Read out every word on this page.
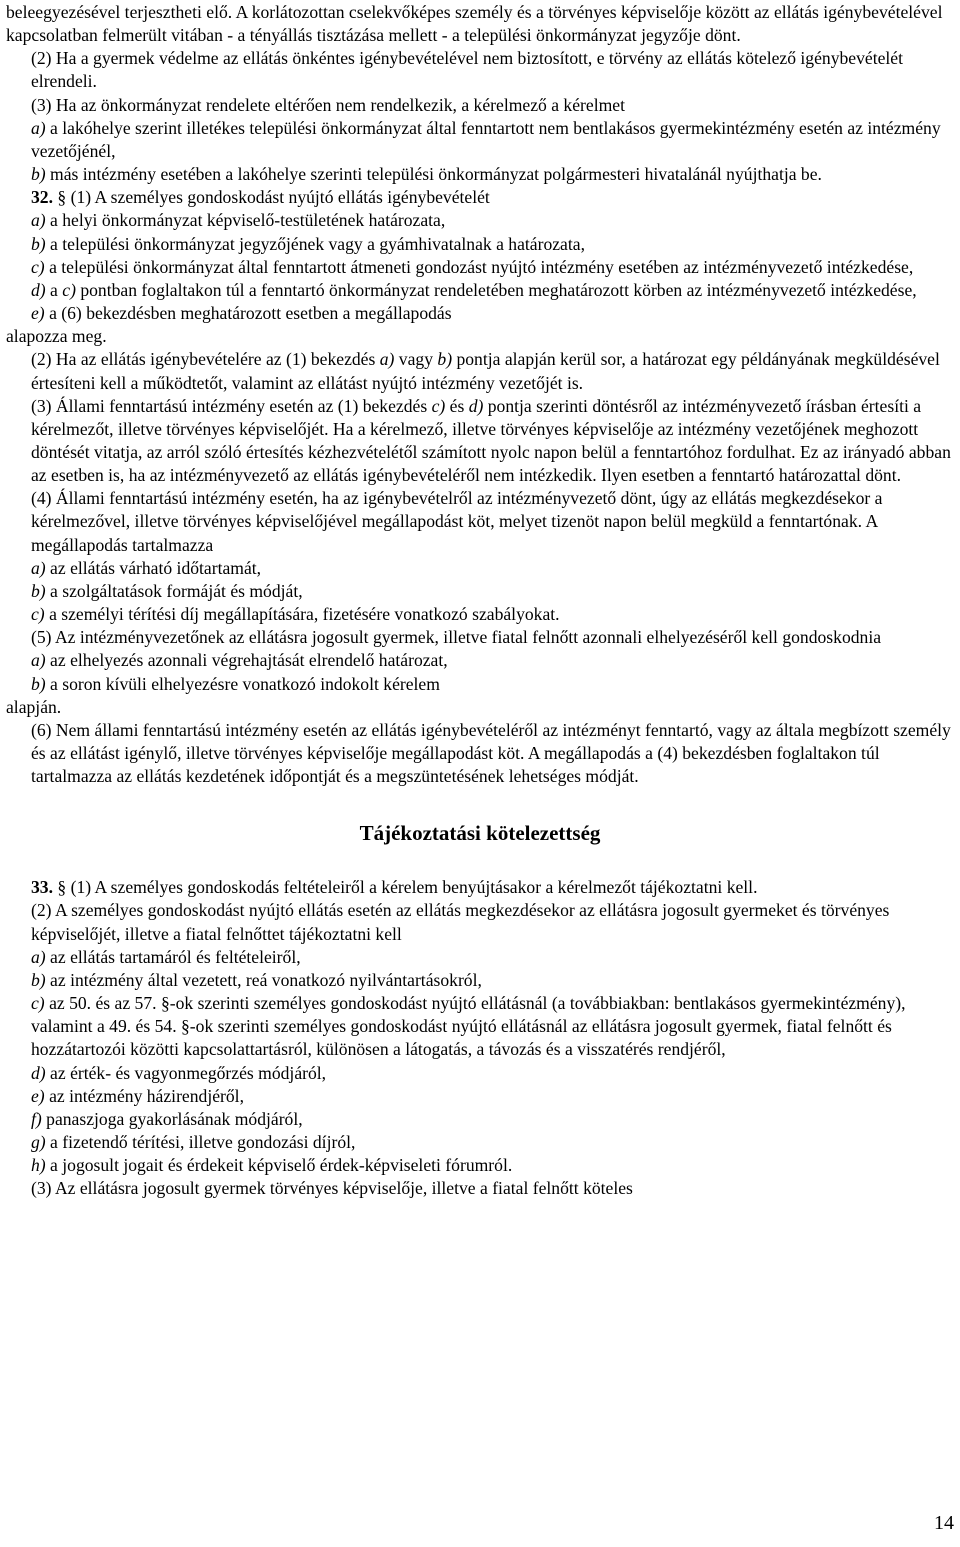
beleegyezésével terjesztheti elő. A korlátozottan cselekvőképes személy és a törvényes képviselője között az ellátás igénybevételével kapcsolatban felmerült vitában - a tényállás tisztázása mellett - a települési önkormányzat jegyzője dönt.

(2) Ha a gyermek védelme az ellátás önkéntes igénybevételével nem biztosított, e törvény az ellátás kötelező igénybevételét elrendeli.

(3) Ha az önkormányzat rendelete eltérően nem rendelkezik, a kérelmező a kérelmet

a) a lakóhelye szerint illetékes települési önkormányzat által fenntartott nem bentlakásos gyermekintézmény esetén az intézmény vezetőjénél,

b) más intézmény esetében a lakóhelye szerinti települési önkormányzat polgármesteri hivatalánál nyújthatja be.

32. § (1) A személyes gondoskodást nyújtó ellátás igénybevételét

a) a helyi önkormányzat képviselő-testületének határozata,

b) a települési önkormányzat jegyzőjének vagy a gyámhivatalnak a határozata,

c) a települési önkormányzat által fenntartott átmeneti gondozást nyújtó intézmény esetében az intézményvezető intézkedése,

d) a c) pontban foglaltakon túl a fenntartó önkormányzat rendeletében meghatározott körben az intézményvezető intézkedése,

e) a (6) bekezdésben meghatározott esetben a megállapodás

alapozza meg.

(2) Ha az ellátás igénybevételére az (1) bekezdés a) vagy b) pontja alapján kerül sor, a határozat egy példányának megküldésével értesíteni kell a működtetőt, valamint az ellátást nyújtó intézmény vezetőjét is.

(3) Állami fenntartású intézmény esetén az (1) bekezdés c) és d) pontja szerinti döntésről az intézményvezető írásban értesíti a kérelmezőt, illetve törvényes képviselőjét. Ha a kérelmező, illetve törvényes képviselője az intézmény vezetőjének meghozott döntését vitatja, az arról szóló értesítés kézhezvételétől számított nyolc napon belül a fenntartóhoz fordulhat. Ez az irányadó abban az esetben is, ha az intézményvezető az ellátás igénybevételéről nem intézkedik. Ilyen esetben a fenntartó határozattal dönt.

(4) Állami fenntartású intézmény esetén, ha az igénybevételről az intézményvezető dönt, úgy az ellátás megkezdésekor a kérelmezővel, illetve törvényes képviselőjével megállapodást köt, melyet tizenöt napon belül megküld a fenntartónak. A megállapodás tartalmazza

a) az ellátás várható időtartamát,

b) a szolgáltatások formáját és módját,

c) a személyi térítési díj megállapítására, fizetésére vonatkozó szabályokat.

(5) Az intézményvezetőnek az ellátásra jogosult gyermek, illetve fiatal felnőtt azonnali elhelyezéséről kell gondoskodnia

a) az elhelyezés azonnali végrehajtását elrendelő határozat,

b) a soron kívüli elhelyezésre vonatkozó indokolt kérelem

alapján.

(6) Nem állami fenntartású intézmény esetén az ellátás igénybevételéről az intézményt fenntartó, vagy az általa megbízott személy és az ellátást igénylő, illetve törvényes képviselője megállapodást köt. A megállapodás a (4) bekezdésben foglaltakon túl tartalmazza az ellátás kezdetének időpontját és a megszüntetésének lehetséges módját.

Tájékoztatási kötelezettség

33. § (1) A személyes gondoskodás feltételeiről a kérelem benyújtásakor a kérelmezőt tájékoztatni kell.

(2) A személyes gondoskodást nyújtó ellátás esetén az ellátás megkezdésekor az ellátásra jogosult gyermeket és törvényes képviselőjét, illetve a fiatal felnőttet tájékoztatni kell

a) az ellátás tartamáról és feltételeiről,

b) az intézmény által vezetett, reá vonatkozó nyilvántartásokról,

c) az 50. és az 57. §-ok szerinti személyes gondoskodást nyújtó ellátásnál (a továbbiakban: bentlakásos gyermekintézmény), valamint a 49. és 54. §-ok szerinti személyes gondoskodást nyújtó ellátásnál az ellátásra jogosult gyermek, fiatal felnőtt és hozzátartozói közötti kapcsolattartásról, különösen a látogatás, a távozás és a visszatérés rendjéről,

d) az érték- és vagyonmegőrzés módjáról,

e) az intézmény házirendjéről,

f) panaszjoga gyakorlásának módjáról,

g) a fizetendő térítési, illetve gondozási díjról,

h) a jogosult jogait és érdekeit képviselő érdek-képviseleti fórumról.

(3) Az ellátásra jogosult gyermek törvényes képviselője, illetve a fiatal felnőtt köteles

14
